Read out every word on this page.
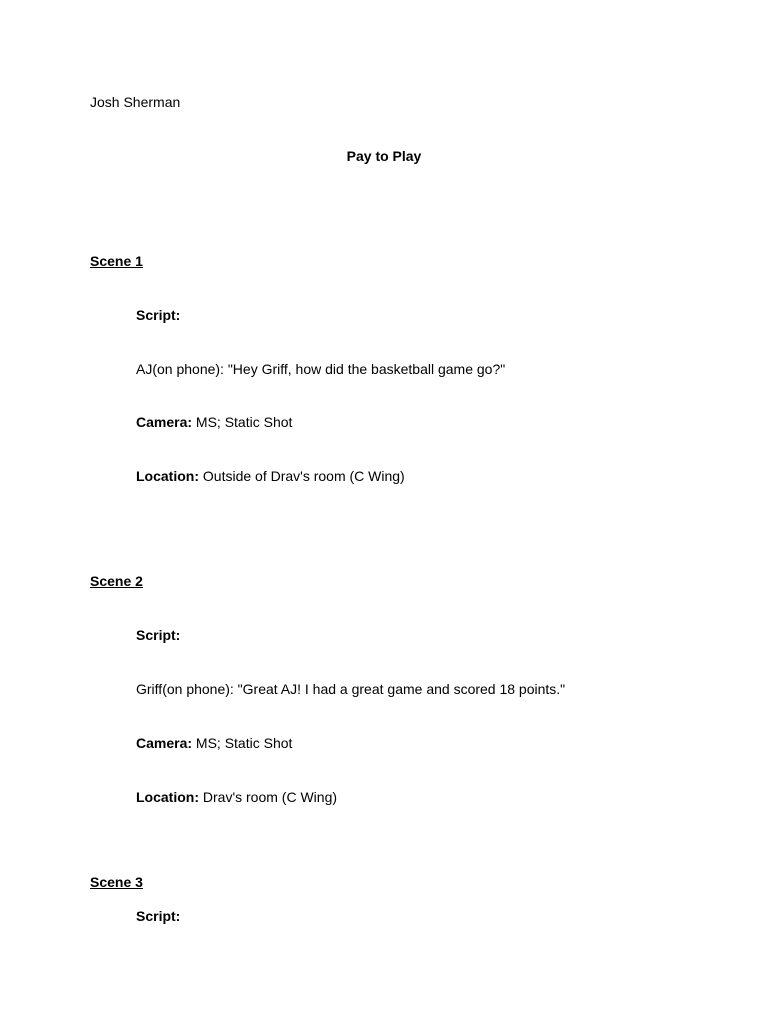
Josh Sherman
Pay to Play
Scene 1
Script:
AJ(on phone): "Hey Griff, how did the basketball game go?"
Camera: MS; Static Shot
Location: Outside of Drav's room (C Wing)
Scene 2
Script:
Griff(on phone): "Great AJ! I had a great game and scored 18 points."
Camera: MS; Static Shot
Location: Drav's room (C Wing)
Scene 3
Script:
